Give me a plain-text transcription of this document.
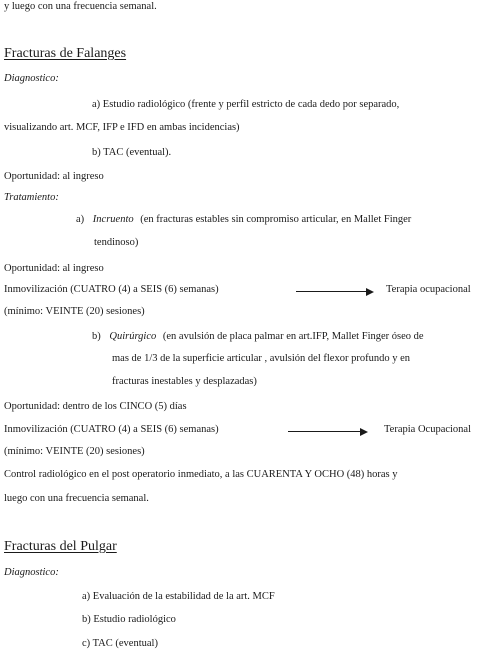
y luego con una frecuencia semanal.
Fracturas de Falanges
Diagnostico:
a) Estudio radiológico (frente y perfil estricto de cada dedo por separado,
visualizando art. MCF, IFP e IFD en ambas incidencias)
b) TAC (eventual).
Oportunidad: al ingreso
Tratamiento:
a) Incruento (en fracturas estables sin compromiso articular, en Mallet Finger
tendinoso)
Oportunidad: al ingreso
Inmovilización (CUATRO (4) a SEIS (6) semanas)	Terapia ocupacional
(mínimo: VEINTE (20) sesiones)
b) Quirúrgico (en avulsión de placa palmar en art.IFP, Mallet Finger óseo de
mas de 1/3 de la superficie articular , avulsión del flexor profundo y en
fracturas inestables y desplazadas)
Oportunidad: dentro de los CINCO (5) días
Inmovilización (CUATRO (4) a SEIS (6) semanas)	Terapia Ocupacional
(mínimo: VEINTE (20) sesiones)
Control radiológico en el post operatorio inmediato, a las CUARENTA Y OCHO (48) horas y
luego con una frecuencia semanal.
Fracturas del Pulgar
Diagnostico:
a) Evaluación de la estabilidad de la art. MCF
b) Estudio radiológico
c) TAC (eventual)
